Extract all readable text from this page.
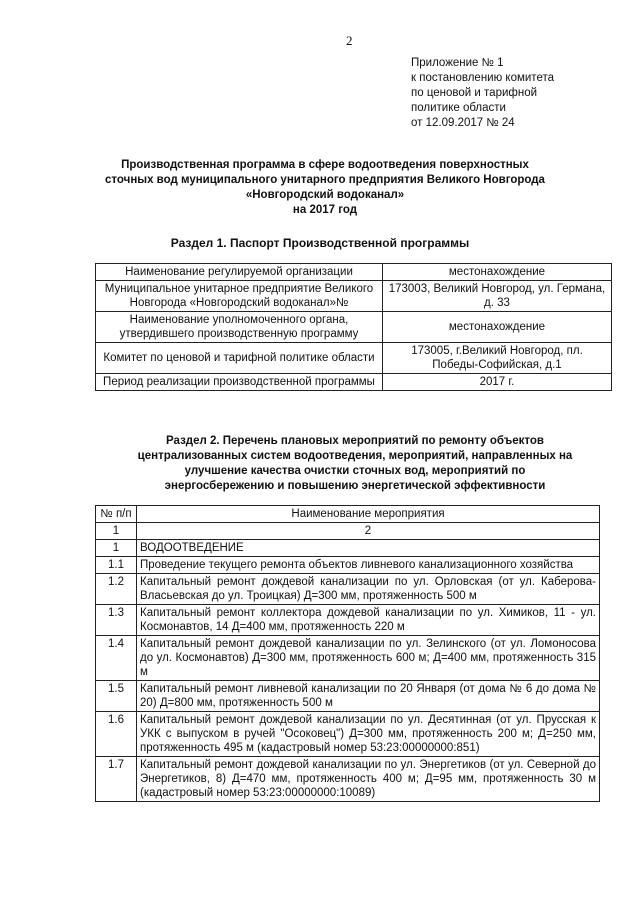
2
Приложение № 1
к постановлению комитета
по ценовой и тарифной
политике области
от 12.09.2017 № 24
Производственная программа в сфере водоотведения поверхностных
сточных вод муниципального унитарного предприятия Великого Новгорода
«Новгородский водоканал»
на 2017 год
Раздел 1. Паспорт Производственной программы
Наименование регулируемой организации	местонахождение
Муниципальное унитарное предприятие Великого Новгорода «Новгородский водоканал»№	173003, Великий Новгород, ул. Германа, д. 33
Наименование уполномоченного органа, утвердившего производственную программу	местонахождение
Комитет по ценовой и тарифной политике области	173005, г.Великий Новгород, пл. Победы-Софийская, д.1
Период реализации производственной программы	2017 г.
Раздел 2. Перечень плановых мероприятий по ремонту объектов
централизованных систем водоотведения, мероприятий, направленных на
улучшение качества очистки сточных вод, мероприятий по
энергосбережению и повышению энергетической эффективности
№ п/п	Наименование мероприятия
1	2
1	ВОДООТВЕДЕНИЕ
1.1	Проведение текущего ремонта объектов ливневого канализационного хозяйства
1.2	Капитальный ремонт дождевой канализации по ул. Орловская (от ул. Каберова-Власьевская до ул. Троицкая) Д=300 мм, протяженность 500 м
1.3	Капитальный ремонт коллектора дождевой канализации по ул. Химиков, 11 - ул. Космонавтов, 14 Д=400 мм, протяженность 220 м
1.4	Капитальный ремонт дождевой канализации по ул. Зелинского (от ул. Ломоносова до ул. Космонавтов) Д=300 мм, протяженность 600 м; Д=400 мм, протяженность 315 м
1.5	Капитальный ремонт ливневой канализации по 20 Января (от дома № 6 до дома № 20) Д=800 мм, протяженность 500 м
1.6	Капитальный ремонт дождевой канализации по ул. Десятинная (от ул. Прусская к УКК с выпуском в ручей "Осоковец") Д=300 мм, протяженность 200 м; Д=250 мм, протяженность 495 м (кадастровый номер 53:23:00000000:851)
1.7	Капитальный ремонт дождевой канализации по ул. Энергетиков (от ул. Северной до Энергетиков, 8) Д=470 мм, протяженность 400 м; Д=95 мм, протяженность 30 м (кадастровый номер 53:23:00000000:10089)
